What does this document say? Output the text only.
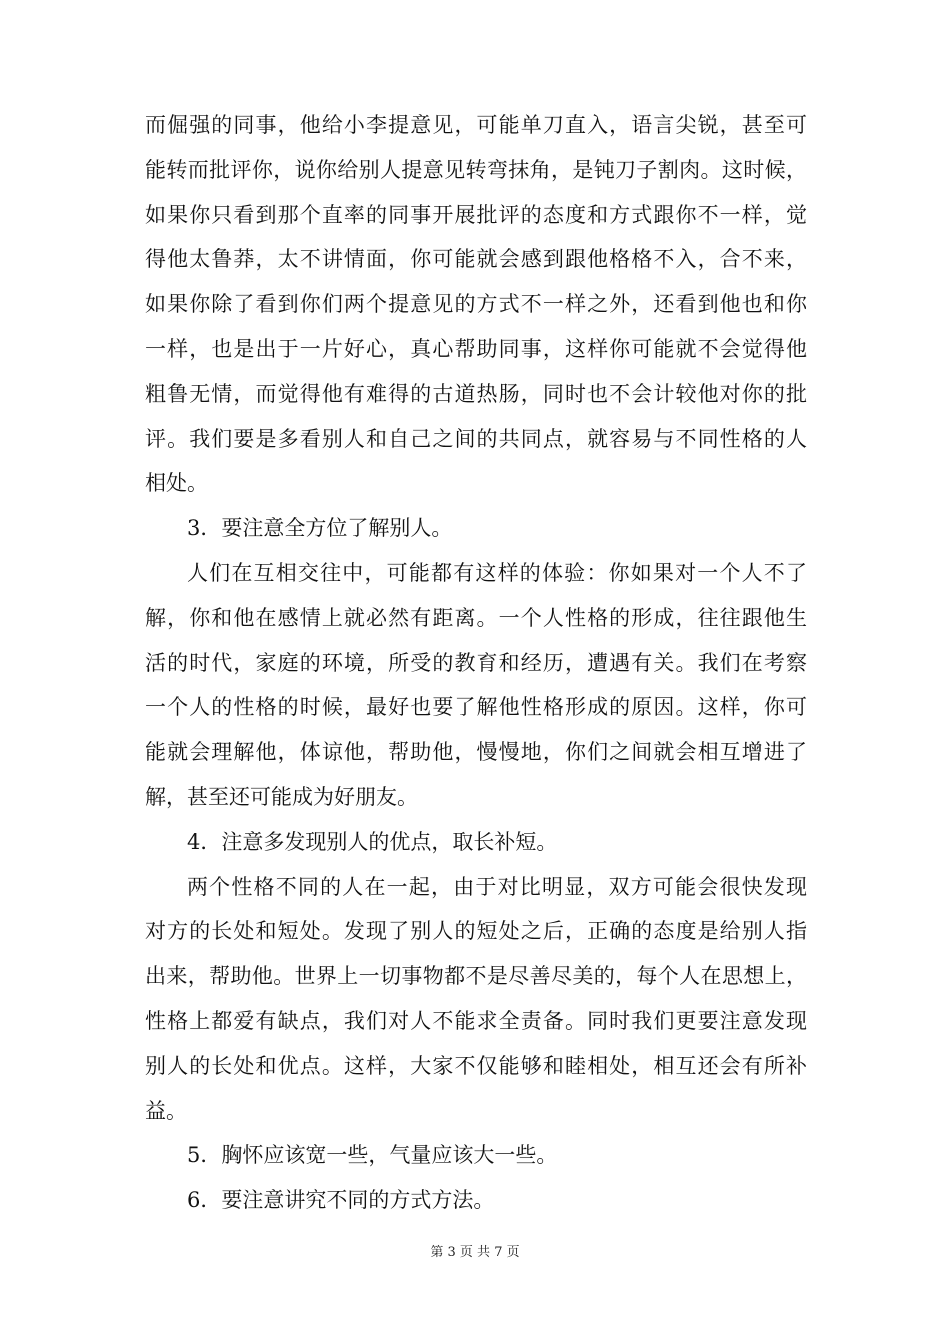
而倔强的同事，他给小李提意见，可能单刀直入，语言尖锐，甚至可
能转而批评你，说你给别人提意见转弯抹角，是钝刀子割肉。这时候，
如果你只看到那个直率的同事开展批评的态度和方式跟你不一样，觉
得他太鲁莽，太不讲情面，你可能就会感到跟他格格不入，合不来，
如果你除了看到你们两个提意见的方式不一样之外，还看到他也和你
一样，也是出于一片好心，真心帮助同事，这样你可能就不会觉得他
粗鲁无情，而觉得他有难得的古道热肠，同时也不会计较他对你的批
评。我们要是多看别人和自己之间的共同点，就容易与不同性格的人
相处。
3．要注意全方位了解别人。
人们在互相交往中，可能都有这样的体验：你如果对一个人不了
解，你和他在感情上就必然有距离。一个人性格的形成，往往跟他生
活的时代，家庭的环境，所受的教育和经历，遭遇有关。我们在考察
一个人的性格的时候，最好也要了解他性格形成的原因。这样，你可
能就会理解他，体谅他，帮助他，慢慢地，你们之间就会相互增进了
解，甚至还可能成为好朋友。
4．注意多发现别人的优点，取长补短。
两个性格不同的人在一起，由于对比明显，双方可能会很快发现
对方的长处和短处。发现了别人的短处之后，正确的态度是给别人指
出来，帮助他。世界上一切事物都不是尽善尽美的，每个人在思想上，
性格上都爱有缺点，我们对人不能求全责备。同时我们更要注意发现
别人的长处和优点。这样，大家不仅能够和睦相处，相互还会有所补
益。
5．胸怀应该宽一些，气量应该大一些。
6．要注意讲究不同的方式方法。
第 3 页 共 7 页
